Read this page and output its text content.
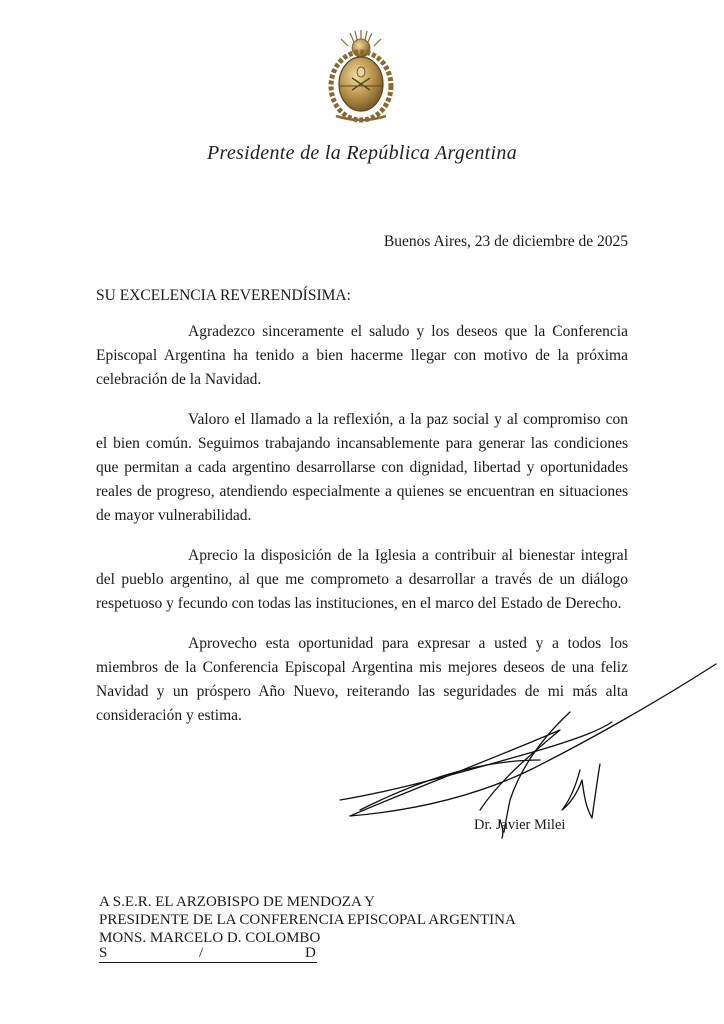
Presidente de la República Argentina
Buenos Aires, 23 de diciembre de 2025
SU EXCELENCIA REVERENDÍSIMA:

Agradezco sinceramente el saludo y los deseos que la Conferencia Episcopal Argentina ha tenido a bien hacerme llegar con motivo de la próxima celebración de la Navidad.

Valoro el llamado a la reflexión, a la paz social y al compromiso con el bien común. Seguimos trabajando incansablemente para generar las condiciones que permitan a cada argentino desarrollarse con dignidad, libertad y oportunidades reales de progreso, atendiendo especialmente a quienes se encuentran en situaciones de mayor vulnerabilidad.

Aprecio la disposición de la Iglesia a contribuir al bienestar integral del pueblo argentino, al que me comprometo a desarrollar a través de un diálogo respetuoso y fecundo con todas las instituciones, en el marco del Estado de Derecho.

Aprovecho esta oportunidad para expresar a usted y a todos los miembros de la Conferencia Episcopal Argentina mis mejores deseos de una feliz Navidad y un próspero Año Nuevo, reiterando las seguridades de mi más alta consideración y estima.

Dr. Javier Milei
A S.E.R. EL ARZOBISPO DE MENDOZA Y
PRESIDENTE DE LA CONFERENCIA EPISCOPAL ARGENTINA
MONS. MARCELO D. COLOMBO
S	/	D
